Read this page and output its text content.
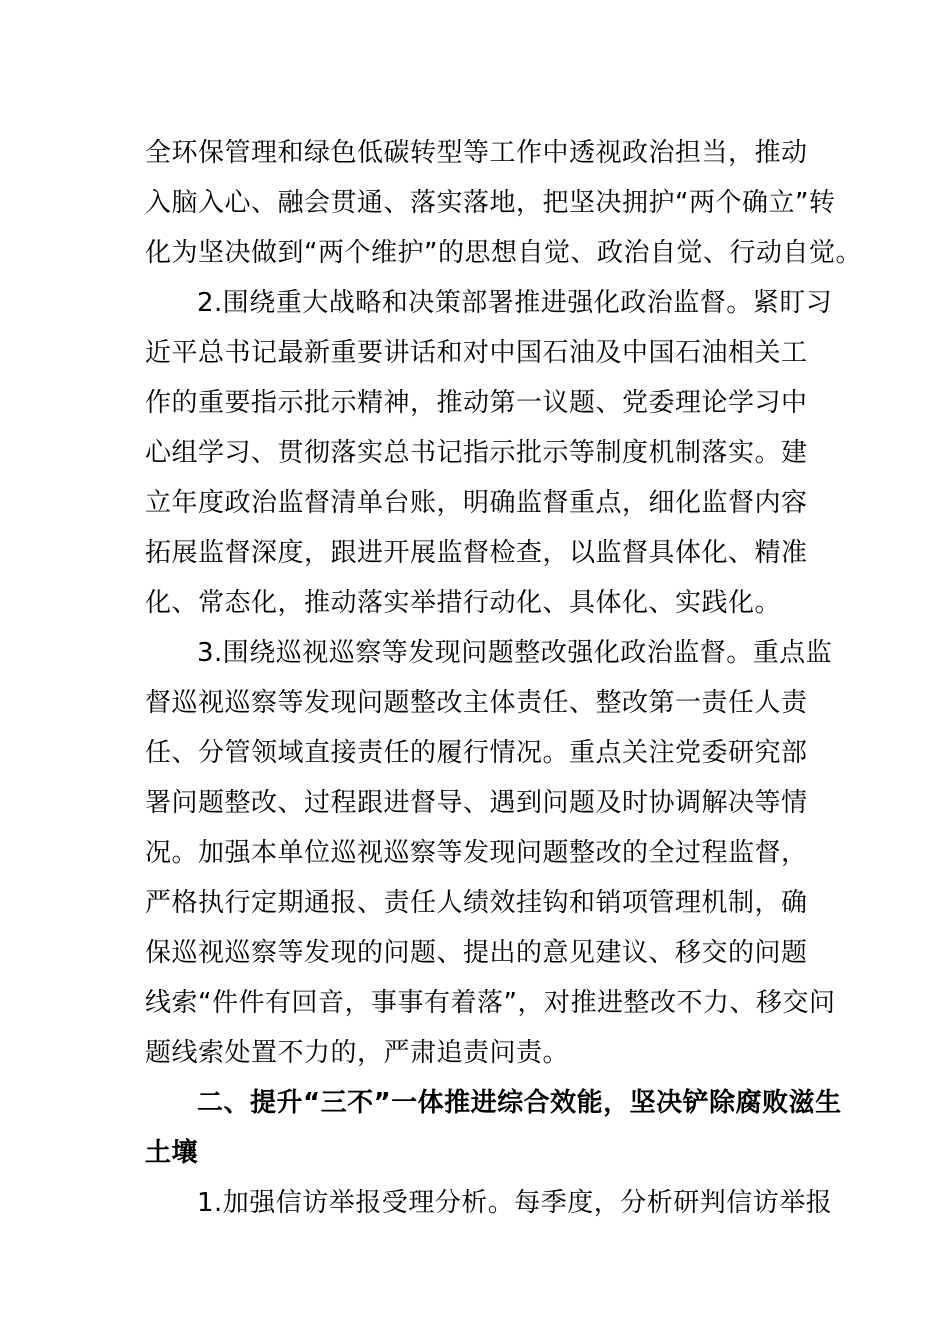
全环保管理和绿色低碳转型等工作中透视政治担当，推动
入脑入心、融会贯通、落实落地，把坚决拥护“两个确立”转
化为坚决做到“两个维护”的思想自觉、政治自觉、行动自觉。
2.围绕重大战略和决策部署推进强化政治监督。紧盯习
近平总书记最新重要讲话和对中国石油及中国石油相关工
作的重要指示批示精神，推动第一议题、党委理论学习中
心组学习、贯彻落实总书记指示批示等制度机制落实。建
立年度政治监督清单台账，明确监督重点，细化监督内容
拓展监督深度，跟进开展监督检查，以监督具体化、精准
化、常态化，推动落实举措行动化、具体化、实践化。
3.围绕巡视巡察等发现问题整改强化政治监督。重点监
督巡视巡察等发现问题整改主体责任、整改第一责任人责
任、分管领域直接责任的履行情况。重点关注党委研究部
署问题整改、过程跟进督导、遇到问题及时协调解决等情
况。加强本单位巡视巡察等发现问题整改的全过程监督，
严格执行定期通报、责任人绩效挂钩和销项管理机制，确
保巡视巡察等发现的问题、提出的意见建议、移交的问题
线索“件件有回音，事事有着落”，对推进整改不力、移交问
题线索处置不力的，严肃追责问责。
二、提升“三不”一体推进综合效能，坚决铲除腐败滋生
土壤
1.加强信访举报受理分析。每季度，分析研判信访举报
